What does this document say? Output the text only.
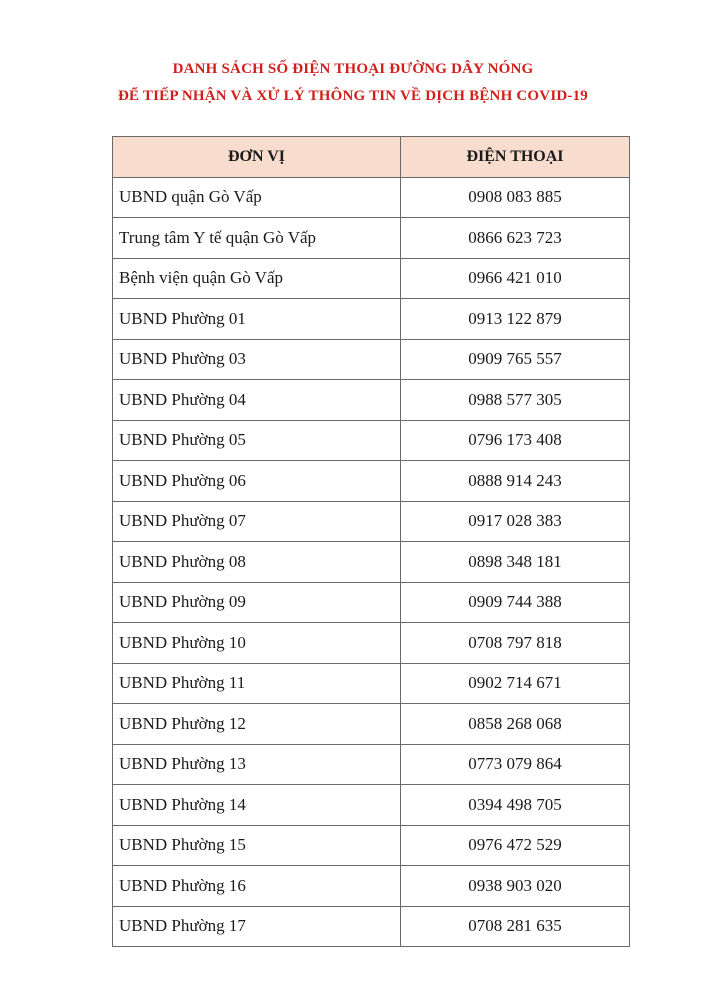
DANH SÁCH SỐ ĐIỆN THOẠI ĐƯỜNG DÂY NÓNG
ĐỂ TIẾP NHẬN VÀ XỬ LÝ THÔNG TIN VỀ DỊCH BỆNH COVID-19
ĐƠN VỊ	ĐIỆN THOẠI
UBND quận Gò Vấp	0908 083 885
Trung tâm Y tế quận Gò Vấp	0866 623 723
Bệnh viện quận Gò Vấp	0966 421 010
UBND Phường 01	0913 122 879
UBND Phường 03	0909 765 557
UBND Phường 04	0988 577 305
UBND Phường 05	0796 173 408
UBND Phường 06	0888 914 243
UBND Phường 07	0917 028 383
UBND Phường 08	0898 348 181
UBND Phường 09	0909 744 388
UBND Phường 10	0708 797 818
UBND Phường 11	0902 714 671
UBND Phường 12	0858 268 068
UBND Phường 13	0773 079 864
UBND Phường 14	0394 498 705
UBND Phường 15	0976 472 529
UBND Phường 16	0938 903 020
UBND Phường 17	0708 281 635
